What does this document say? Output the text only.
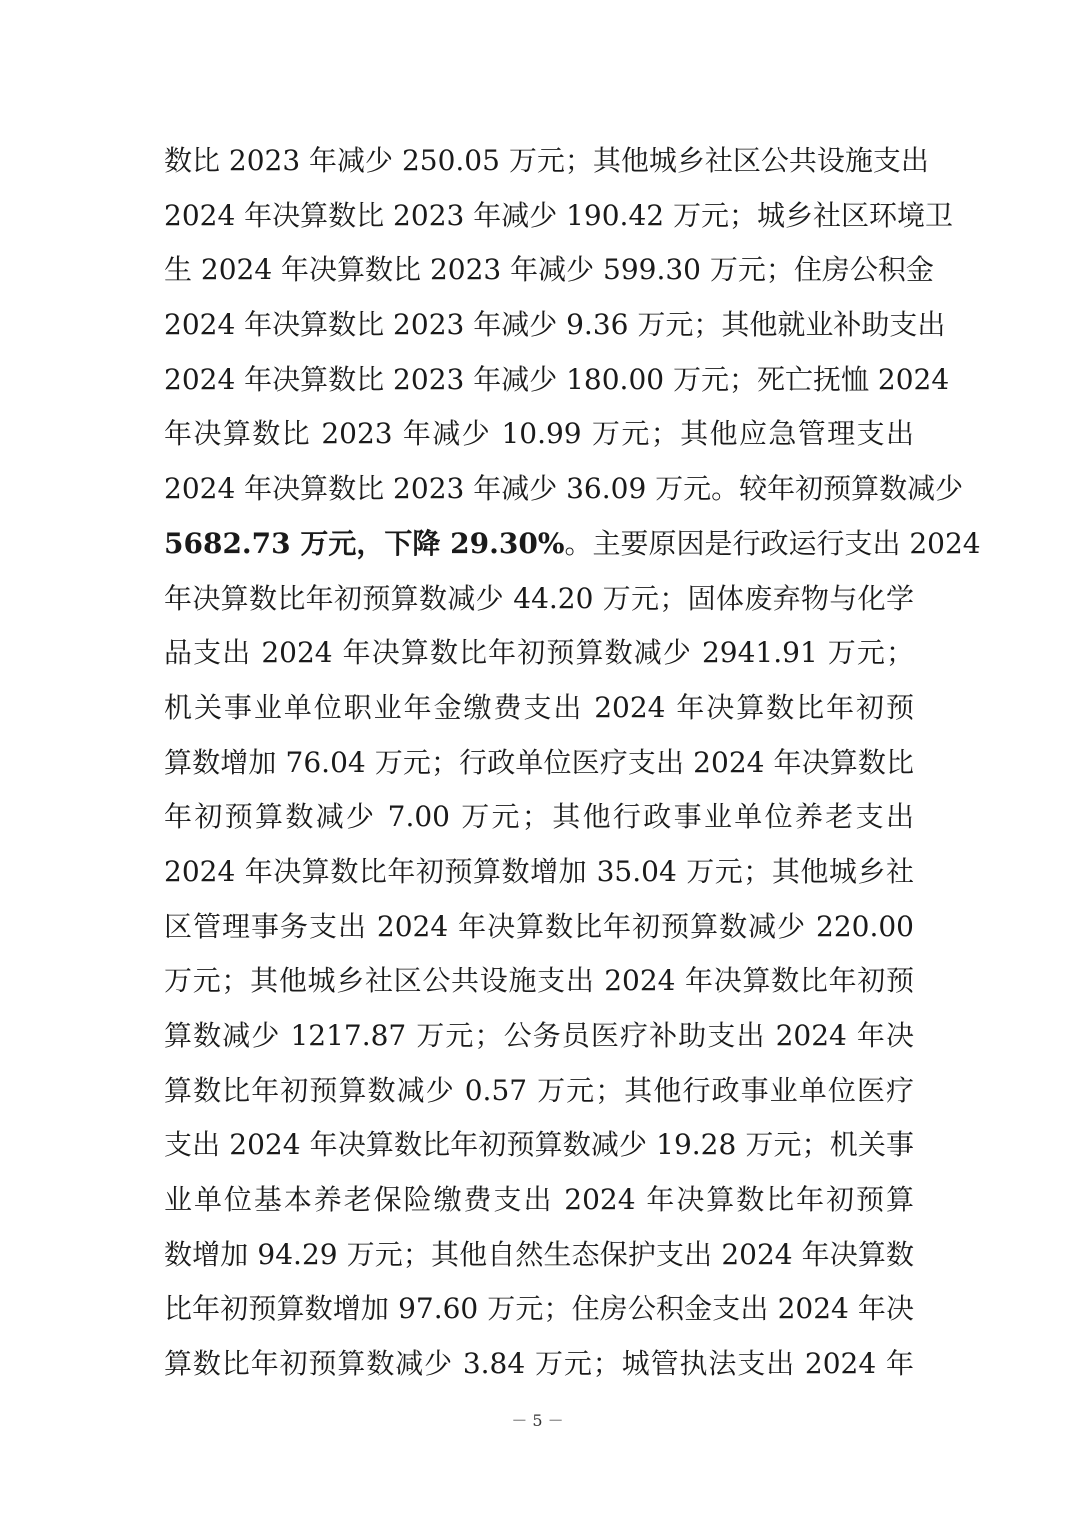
数比 2023 年减少 250.05 万元；其他城乡社区公共设施支出
2024 年决算数比 2023 年减少 190.42 万元；城乡社区环境卫
生 2024 年决算数比 2023 年减少 599.30 万元；住房公积金
2024 年决算数比 2023 年减少 9.36 万元；其他就业补助支出
2024 年决算数比 2023 年减少 180.00 万元；死亡抚恤 2024
年决算数比 2023 年减少 10.99 万元；其他应急管理支出
2024 年决算数比 2023 年减少 36.09 万元。较年初预算数减少
5682.73 万元，下降 29.30%。主要原因是行政运行支出 2024
年决算数比年初预算数减少 44.20 万元；固体废弃物与化学
品支出 2024 年决算数比年初预算数减少 2941.91 万元；
机关事业单位职业年金缴费支出 2024 年决算数比年初预
算数增加 76.04 万元；行政单位医疗支出 2024 年决算数比
年初预算数减少 7.00 万元；其他行政事业单位养老支出
2024 年决算数比年初预算数增加 35.04 万元；其他城乡社
区管理事务支出 2024 年决算数比年初预算数减少 220.00
万元；其他城乡社区公共设施支出 2024 年决算数比年初预
算数减少 1217.87 万元；公务员医疗补助支出 2024 年决
算数比年初预算数减少 0.57 万元；其他行政事业单位医疗
支出 2024 年决算数比年初预算数减少 19.28 万元；机关事
业单位基本养老保险缴费支出 2024 年决算数比年初预算
数增加 94.29 万元；其他自然生态保护支出 2024 年决算数
比年初预算数增加 97.60 万元；住房公积金支出 2024 年决
算数比年初预算数减少 3.84 万元；城管执法支出 2024 年
－ 5 －
